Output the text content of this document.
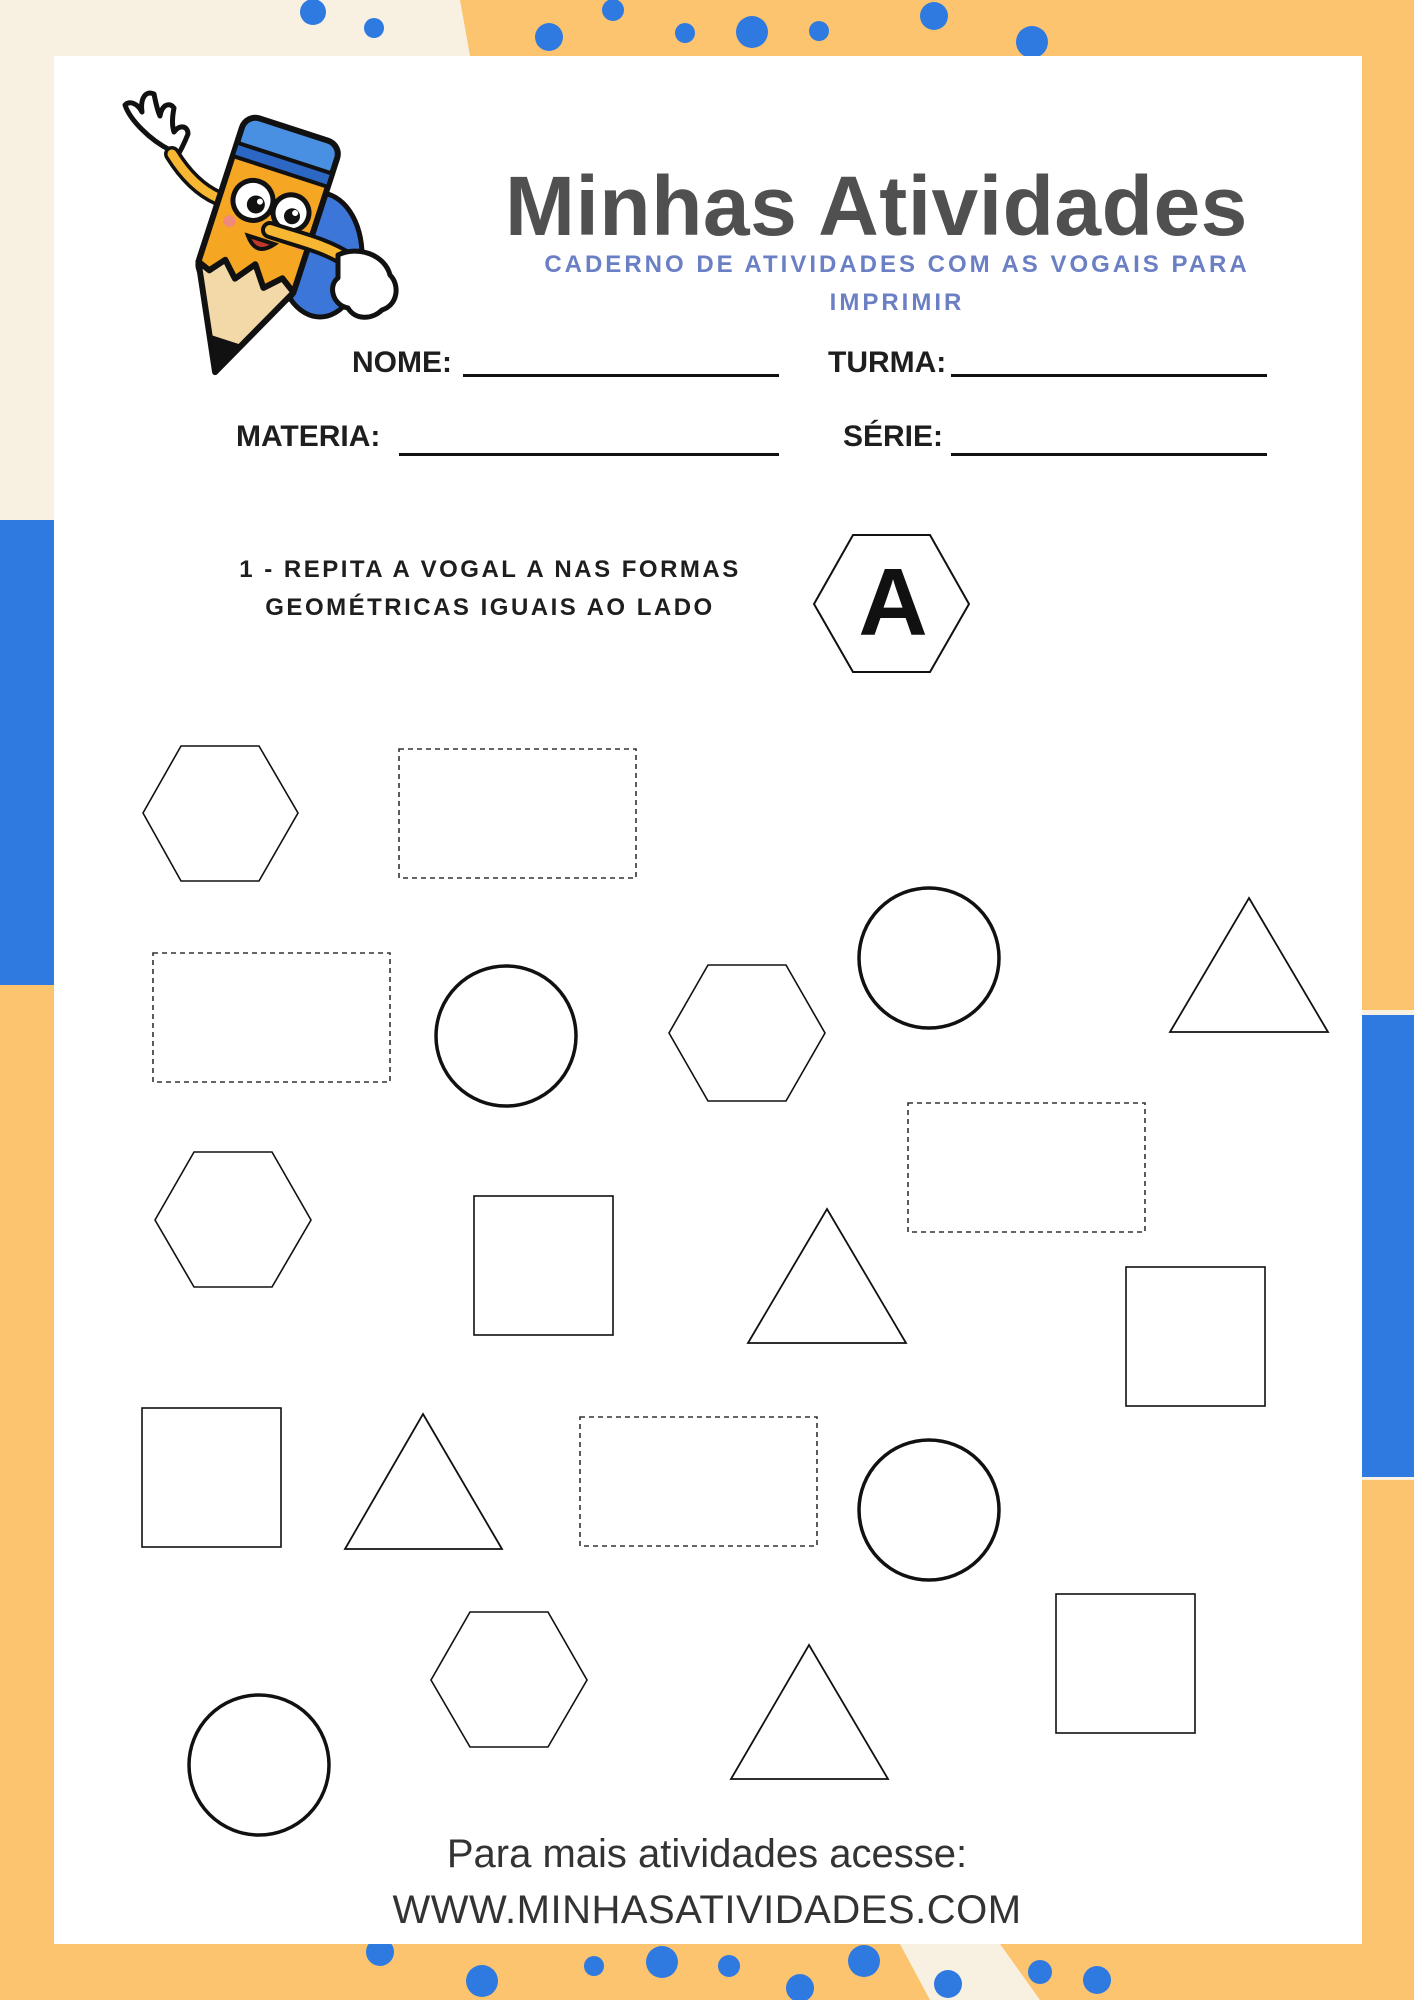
Minhas Atividades
CADERNO DE ATIVIDADES COM AS VOGAIS PARA IMPRIMIR
NOME:	TURMA:
MATERIA:	SÉRIE:
1 - REPITA A VOGAL A NAS FORMAS GEOMÉTRICAS IGUAIS AO LADO	A
Para mais atividades acesse:
WWW.MINHASATIVIDADES.COM
